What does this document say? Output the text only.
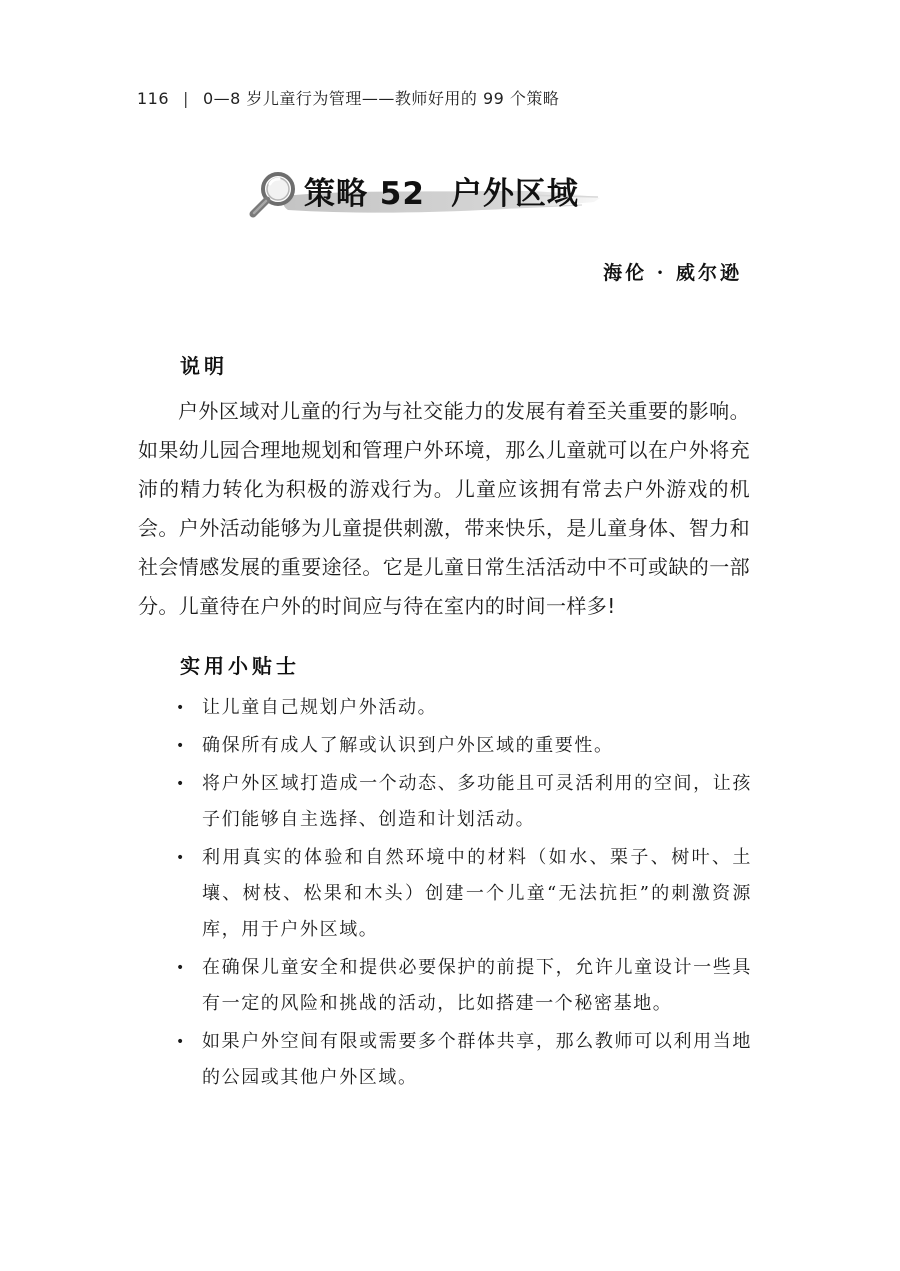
116 | 0—8 岁儿童行为管理——教师好用的 99 个策略
策略 52 户外区域
海伦 · 威尔逊
说明

户外区域对儿童的行为与社交能力的发展有着至关重要的影响。如果幼儿园合理地规划和管理户外环境，那么儿童就可以在户外将充沛的精力转化为积极的游戏行为。儿童应该拥有常去户外游戏的机会。户外活动能够为儿童提供刺激，带来快乐，是儿童身体、智力和社会情感发展的重要途径。它是儿童日常生活活动中不可或缺的一部分。儿童待在户外的时间应与待在室内的时间一样多!

实用小贴士
• 让儿童自己规划户外活动。
• 确保所有成人了解或认识到户外区域的重要性。
• 将户外区域打造成一个动态、多功能且可灵活利用的空间，让孩子们能够自主选择、创造和计划活动。
• 利用真实的体验和自然环境中的材料（如水、栗子、树叶、土壤、树枝、松果和木头）创建一个儿童“无法抗拒”的刺激资源库，用于户外区域。
• 在确保儿童安全和提供必要保护的前提下，允许儿童设计一些具有一定的风险和挑战的活动，比如搭建一个秘密基地。
• 如果户外空间有限或需要多个群体共享，那么教师可以利用当地的公园或其他户外区域。
